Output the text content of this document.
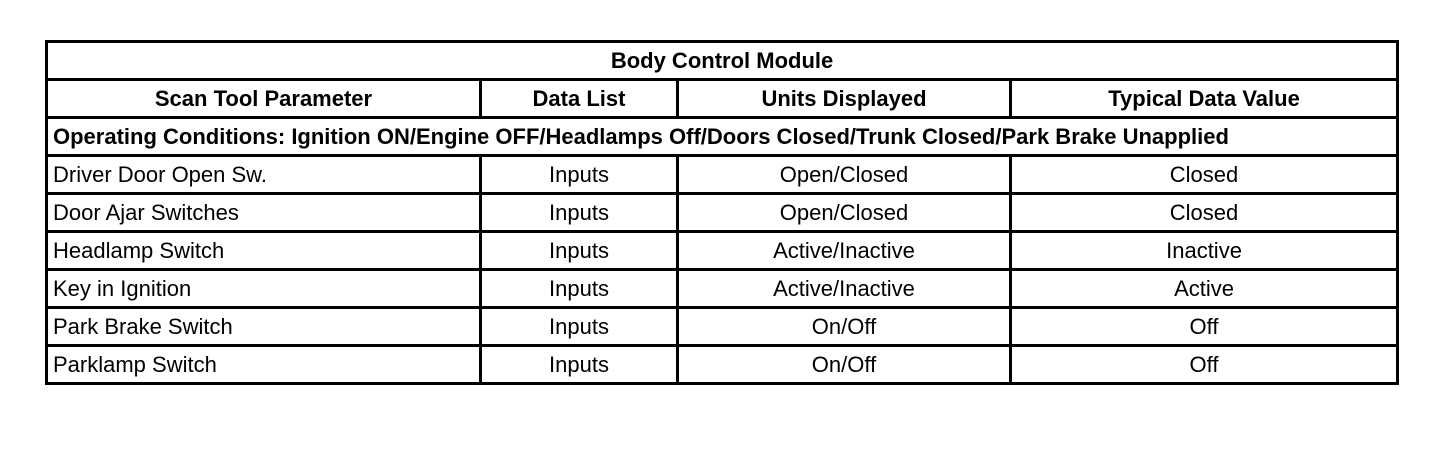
Body Control Module			
Scan Tool Parameter	Data List	Units Displayed	Typical Data Value
Operating Conditions: Ignition ON/Engine OFF/Headlamps Off/Doors Closed/Trunk Closed/Park Brake Unapplied			
Driver Door Open Sw.	Inputs	Open/Closed	Closed
Door Ajar Switches	Inputs	Open/Closed	Closed
Headlamp Switch	Inputs	Active/Inactive	Inactive
Key in Ignition	Inputs	Active/Inactive	Active
Park Brake Switch	Inputs	On/Off	Off
Parklamp Switch	Inputs	On/Off	Off
